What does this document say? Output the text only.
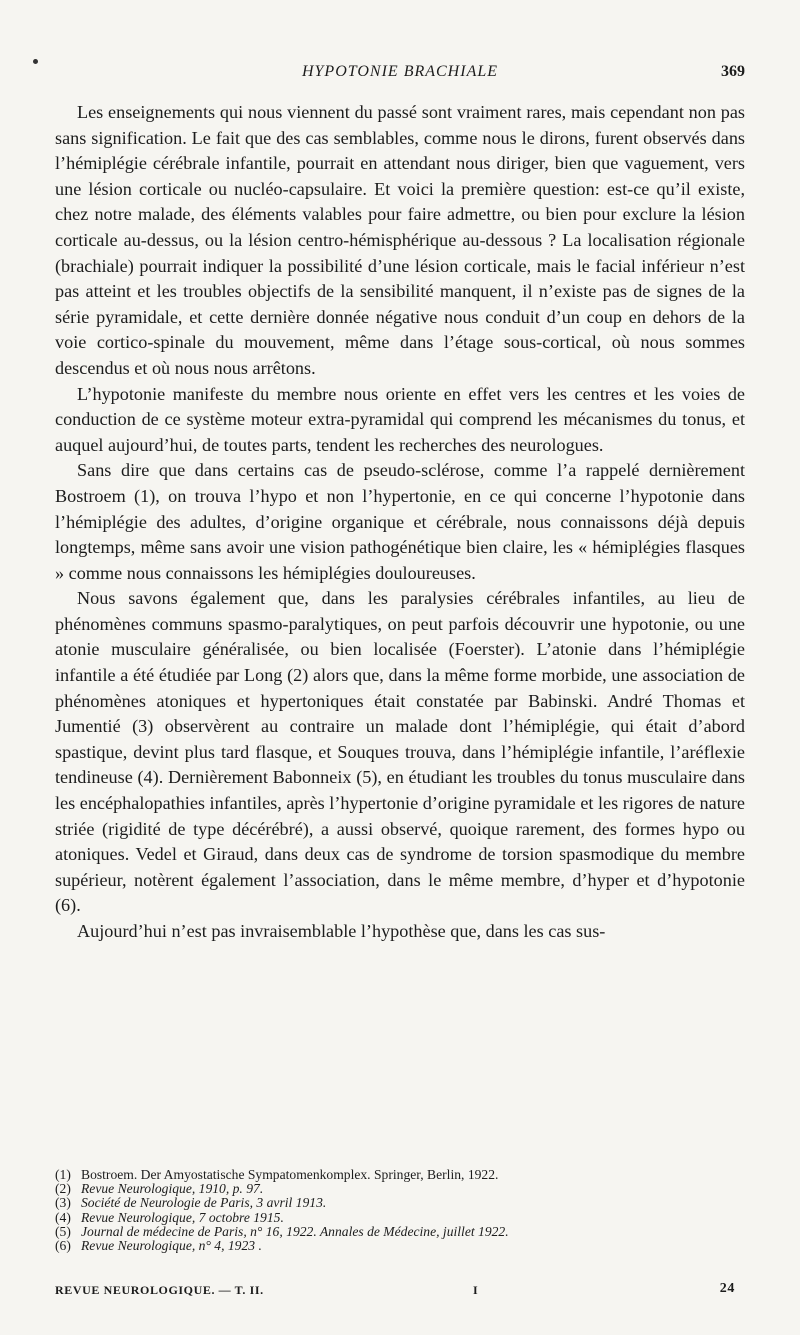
HYPOTONIE BRACHIALE	369

Les enseignements qui nous viennent du passé sont vraiment rares, mais cependant non pas sans signification. Le fait que des cas semblables, comme nous le dirons, furent observés dans l’hémiplégie cérébrale infantile, pourrait en attendant nous diriger, bien que vaguement, vers une lésion corticale ou nucléo-capsulaire. Et voici la première question: est-ce qu’il existe, chez notre malade, des éléments valables pour faire admettre, ou bien pour exclure la lésion corticale au-dessus, ou la lésion centro-hémisphérique au-dessous ? La localisation régionale (brachiale) pourrait indiquer la possibilité d’une lésion corticale, mais le facial inférieur n’est pas atteint et les troubles objectifs de la sensibilité manquent, il n’existe pas de signes de la série pyramidale, et cette dernière donnée négative nous conduit d’un coup en dehors de la voie cortico-spinale du mouvement, même dans l’étage sous-cortical, où nous sommes descendus et où nous nous arrêtons.

L’hypotonie manifeste du membre nous oriente en effet vers les centres et les voies de conduction de ce système moteur extra-pyramidal qui comprend les mécanismes du tonus, et auquel aujourd’hui, de toutes parts, tendent les recherches des neurologues.

Sans dire que dans certains cas de pseudo-sclérose, comme l’a rappelé dernièrement Bostroem (1), on trouva l’hypo et non l’hypertonie, en ce qui concerne l’hypotonie dans l’hémiplégie des adultes, d’origine organique et cérébrale, nous connaissons déjà depuis longtemps, même sans avoir une vision pathogénétique bien claire, les « hémiplégies flasques » comme nous connaissons les hémiplégies douloureuses.

Nous savons également que, dans les paralysies cérébrales infantiles, au lieu de phénomènes communs spasmo-paralytiques, on peut parfois découvrir une hypotonie, ou une atonie musculaire généralisée, ou bien localisée (Foerster). L’atonie dans l’hémiplégie infantile a été étudiée par Long (2) alors que, dans la même forme morbide, une association de phénomènes atoniques et hypertoniques était constatée par Babinski. André Thomas et Jumentié (3) observèrent au contraire un malade dont l’hémiplégie, qui était d’abord spastique, devint plus tard flasque, et Souques trouva, dans l’hémiplégie infantile, l’aréflexie tendineuse (4). Dernièrement Babonneix (5), en étudiant les troubles du tonus musculaire dans les encéphalopathies infantiles, après l’hypertonie d’origine pyramidale et les rigores de nature striée (rigidité de type décérébré), a aussi observé, quoique rarement, des formes hypo ou atoniques. Vedel et Giraud, dans deux cas de syndrome de torsion spasmodique du membre supérieur, notèrent également l’association, dans le même membre, d’hyper et d’hypotonie (6).

Aujourd’hui n’est pas invraisemblable l’hypothèse que, dans les cas sus-

(1) Bostroem. Der Amyostatische Sympatomenkomplex. Springer, Berlin, 1922.
(2) Revue Neurologique, 1910, p. 97.
(3) Société de Neurologie de Paris, 3 avril 1913.
(4) Revue Neurologique, 7 octobre 1915.
(5) Journal de médecine de Paris, n° 16, 1922. Annales de Médecine, juillet 1922.
(6) Revue Neurologique, n° 4, 1923 .
REVUE NEUROLOGIQUE. — T. II.	I	24
